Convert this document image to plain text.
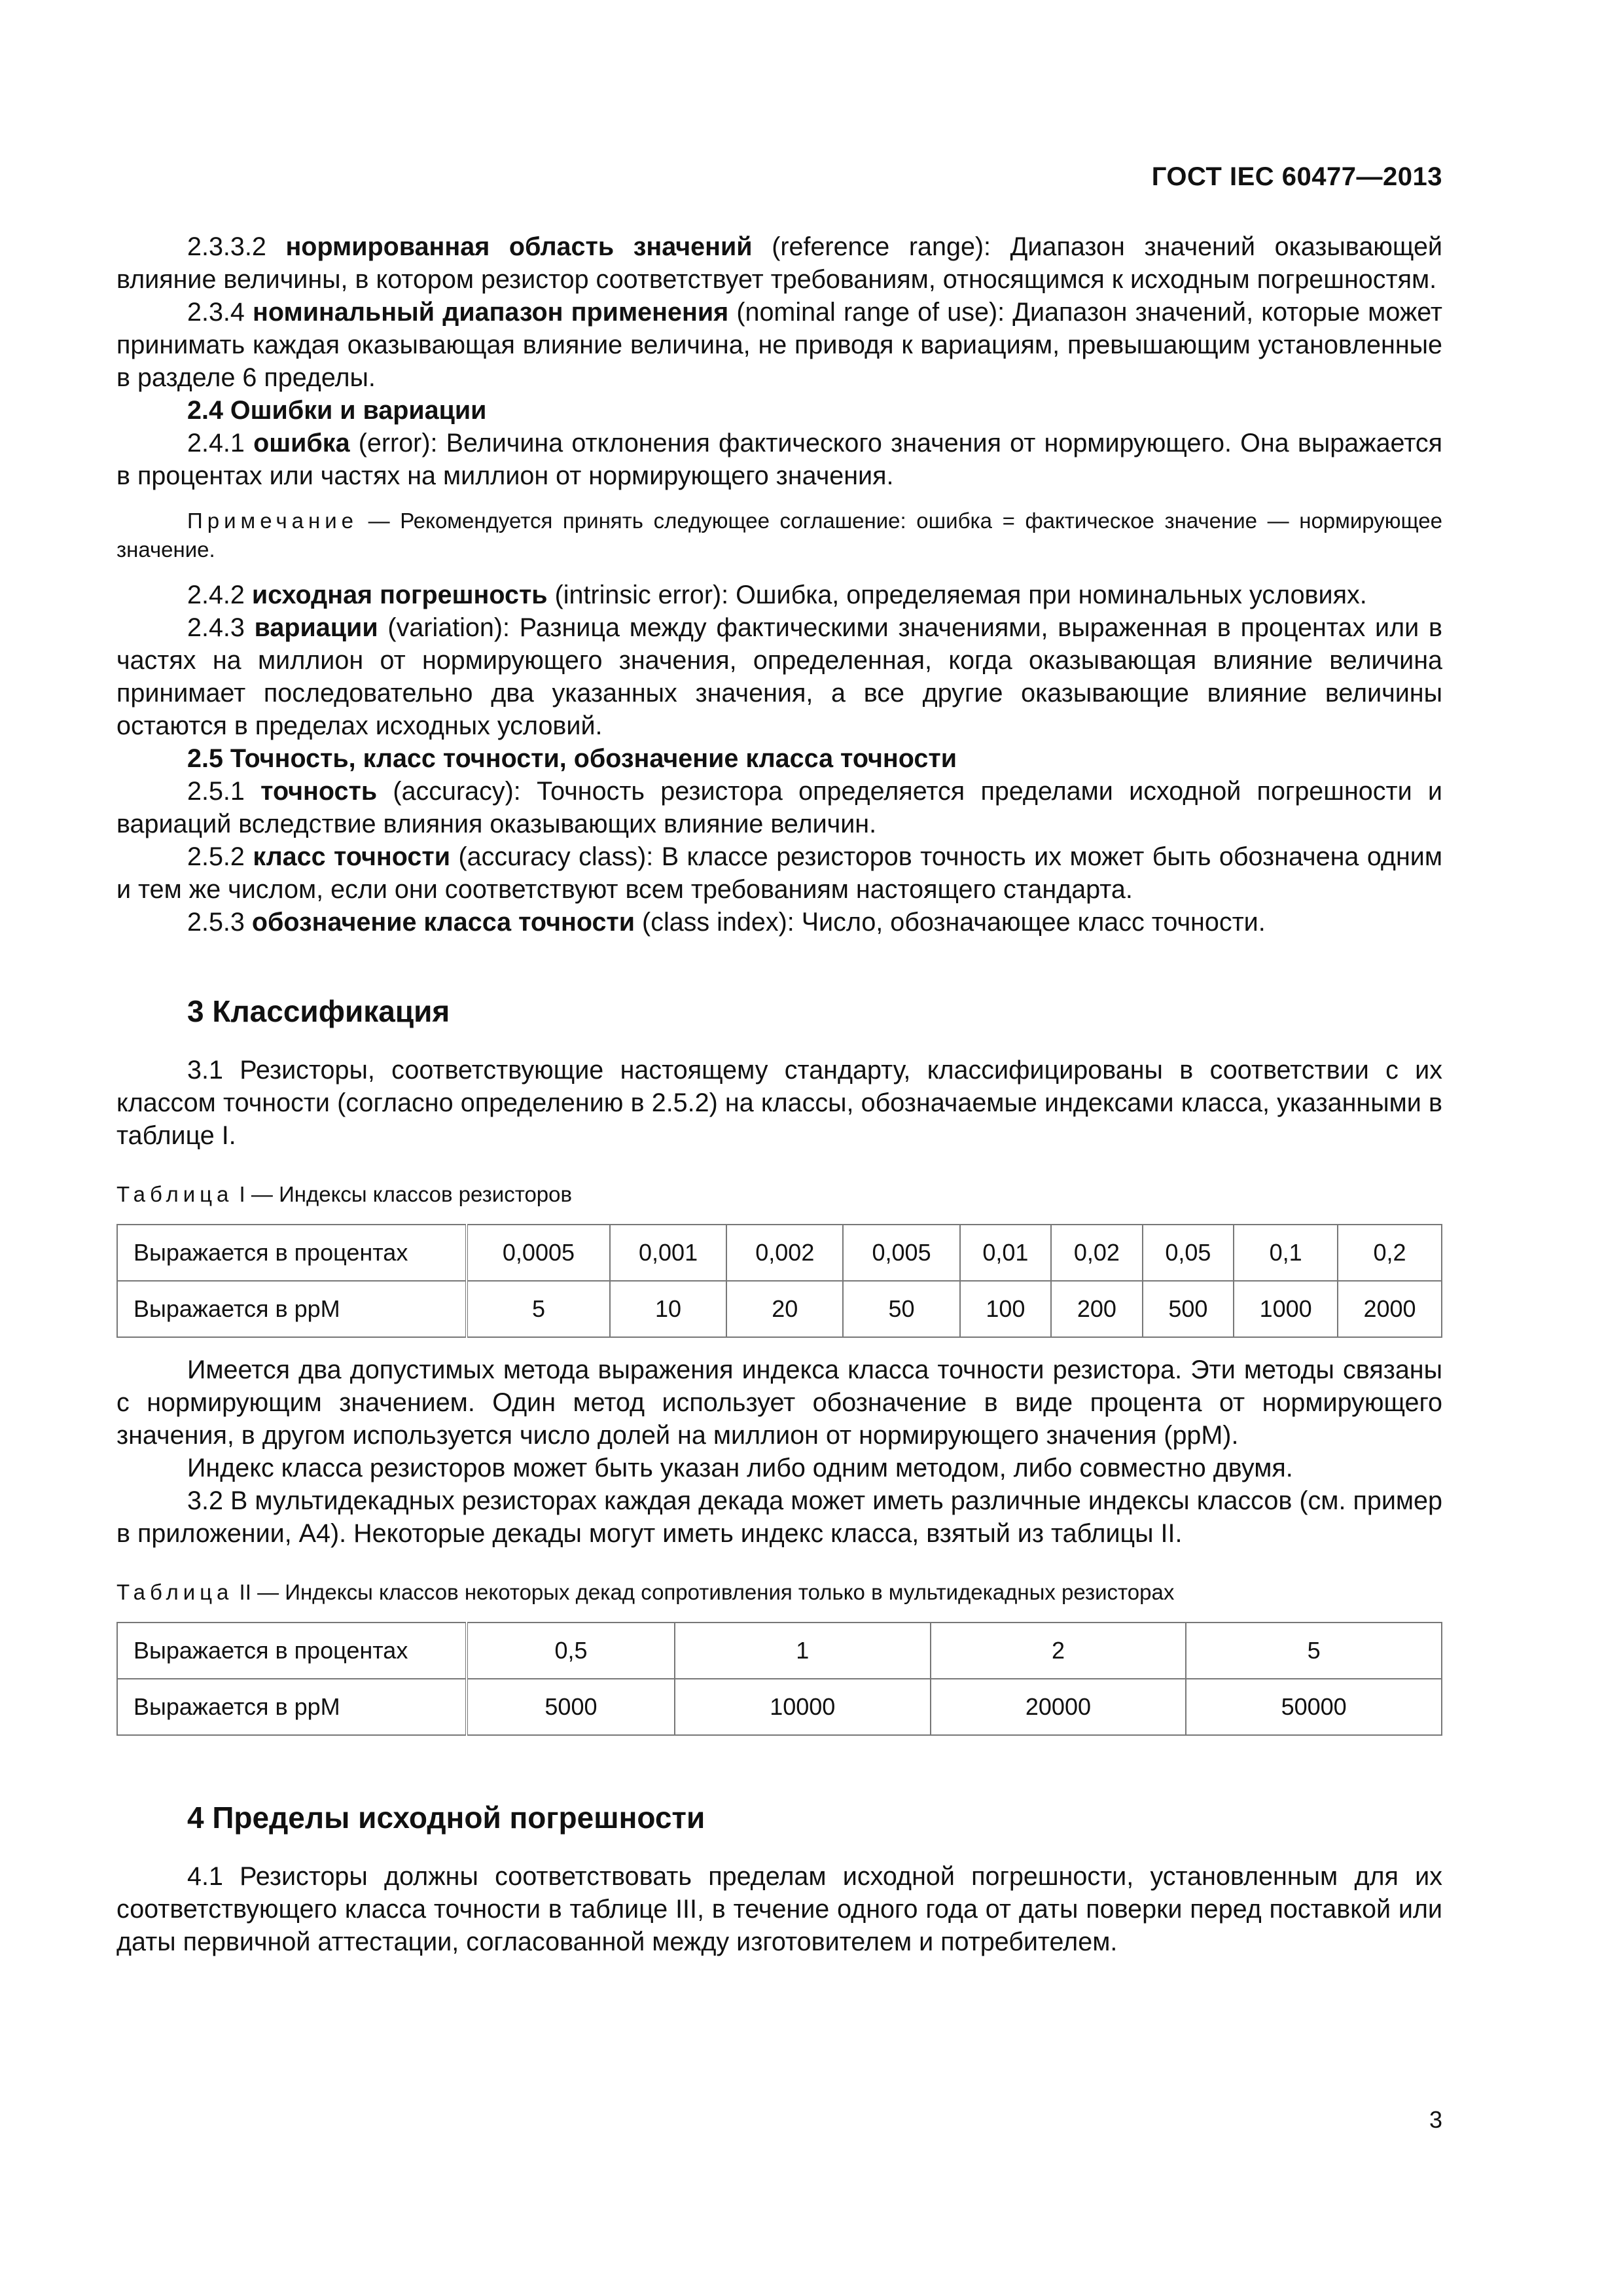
ГОСТ IEC 60477—2013

2.3.3.2 нормированная область значений (reference range): Диапазон значений оказывающей влияние величины, в котором резистор соответствует требованиям, относящимся к исходным погрешностям.

2.3.4 номинальный диапазон применения (nominal range of use): Диапазон значений, которые может принимать каждая оказывающая влияние величина, не приводя к вариациям, превышающим установленные в разделе 6 пределы.

2.4 Ошибки и вариации

2.4.1 ошибка (error): Величина отклонения фактического значения от нормирующего. Она выражается в процентах или частях на миллион от нормирующего значения.

Примечание — Рекомендуется принять следующее соглашение: ошибка = фактическое значение — нормирующее значение.

2.4.2 исходная погрешность (intrinsic error): Ошибка, определяемая при номинальных условиях.

2.4.3 вариации (variation): Разница между фактическими значениями, выраженная в процентах или в частях на миллион от нормирующего значения, определенная, когда оказывающая влияние величина принимает последовательно два указанных значения, а все другие оказывающие влияние величины остаются в пределах исходных условий.

2.5 Точность, класс точности, обозначение класса точности

2.5.1 точность (accuracy): Точность резистора определяется пределами исходной погрешности и вариаций вследствие влияния оказывающих влияние величин.

2.5.2 класс точности (accuracy class): В классе резисторов точность их может быть обозначена одним и тем же числом, если они соответствуют всем требованиям настоящего стандарта.

2.5.3 обозначение класса точности (class index): Число, обозначающее класс точности.

3 Классификация

3.1 Резисторы, соответствующие настоящему стандарту, классифицированы в соответствии с их классом точности (согласно определению в 2.5.2) на классы, обозначаемые индексами класса, указанными в таблице I.

Таблица I — Индексы классов резисторов

Выражается в процентах	0,0005	0,001	0,002	0,005	0,01	0,02	0,05	0,1	0,2
Выражается в ppM	5	10	20	50	100	200	500	1000	2000

Имеется два допустимых метода выражения индекса класса точности резистора. Эти методы связаны с нормирующим значением. Один метод использует обозначение в виде процента от нормирующего значения, в другом используется число долей на миллион от нормирующего значения (ppM).

Индекс класса резисторов может быть указан либо одним методом, либо совместно двумя.

3.2 В мультидекадных резисторах каждая декада может иметь различные индексы классов (см. пример в приложении, А4). Некоторые декады могут иметь индекс класса, взятый из таблицы II.

Таблица II — Индексы классов некоторых декад сопротивления только в мультидекадных резисторах

Выражается в процентах	0,5	1	2	5
Выражается в ppM	5000	10000	20000	50000
4 Пределы исходной погрешности

4.1 Резисторы должны соответствовать пределам исходной погрешности, установленным для их соответствующего класса точности в таблице III, в течение одного года от даты поверки перед поставкой или даты первичной аттестации, согласованной между изготовителем и потребителем.

3
